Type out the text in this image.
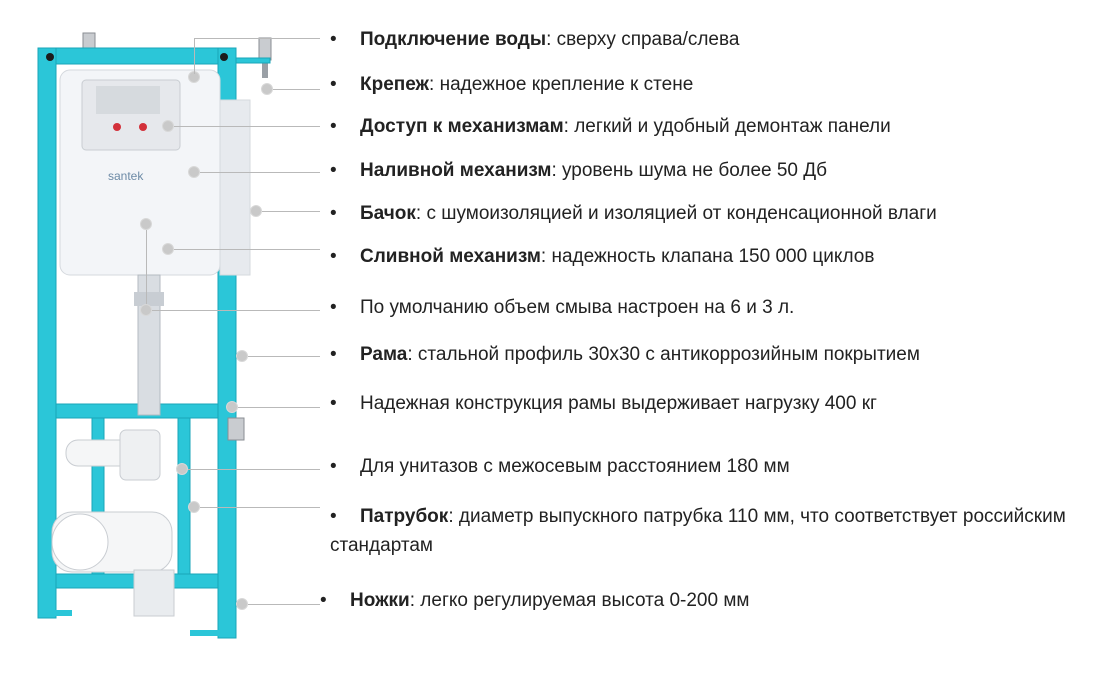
santek
• Подключение воды: сверху справа/слева
• Крепеж: надежное крепление к стене
• Доступ к механизмам: легкий и удобный демонтаж панели
• Наливной механизм: уровень шума не более 50 Дб
• Бачок: с шумоизоляцией и изоляцией от конденсационной влаги
• Сливной механизм: надежность клапана 150 000 циклов
• По умолчанию объем смыва настроен на 6 и 3 л.
• Рама: стальной профиль 30х30 с антикоррозийным покрытием
• Надежная конструкция рамы выдерживает нагрузку 400 кг
• Для унитазов с межосевым расстоянием 180 мм
• Патрубок: диаметр выпускного патрубка 110 мм, что соответствует российским стандартам
• Ножки: легко регулируемая высота 0-200 мм
